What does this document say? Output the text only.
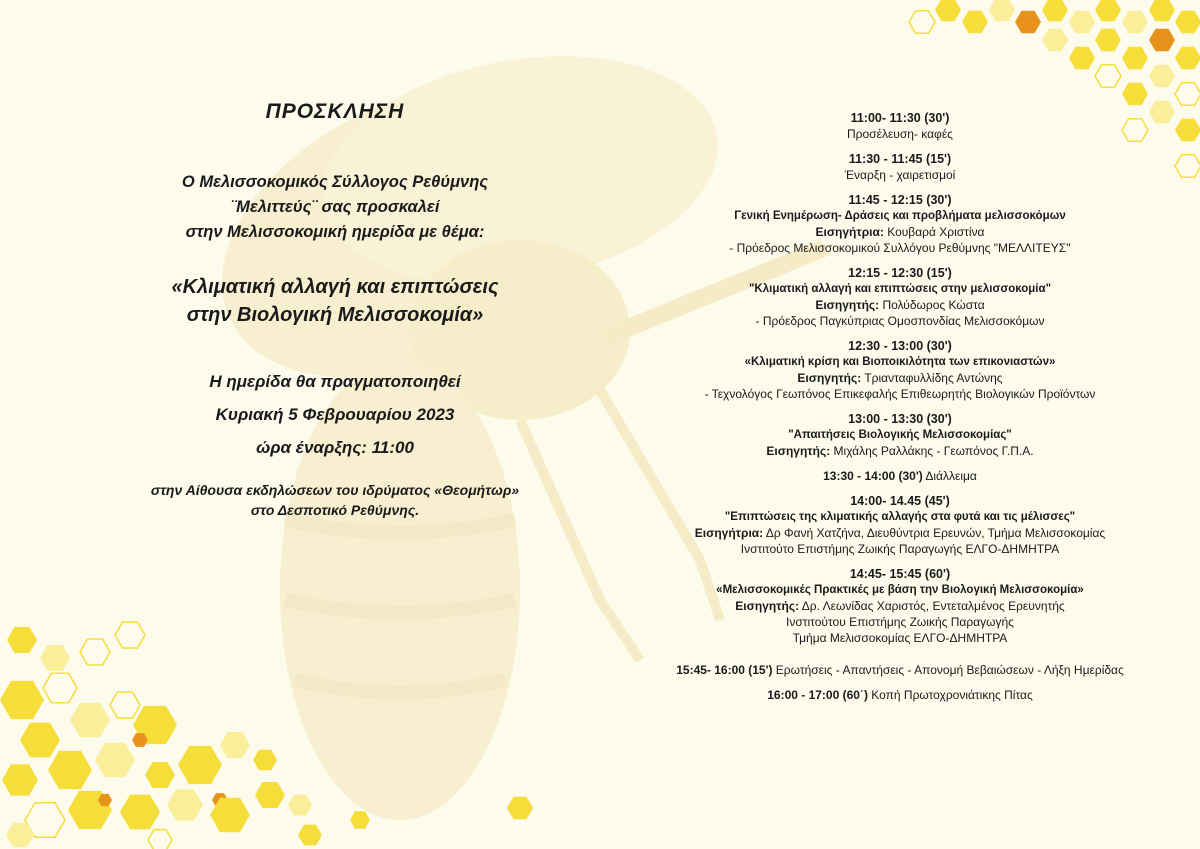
ΠΡΟΣΚΛΗΣΗ
Ο Μελισσοκομικός Σύλλογος Ρεθύμνης
¨Μελιττεύς¨ σας προσκαλεί
στην Μελισσοκομική ημερίδα με θέμα:
«Κλιματική αλλαγή και επιπτώσεις
στην Βιολογική Μελισσοκομία»
Η ημερίδα θα πραγματοποιηθεί
Κυριακή 5 Φεβρουαρίου 2023
ώρα έναρξης: 11:00
στην Αίθουσα εκδηλώσεων του ιδρύματος «Θεομήτωρ»
στο Δεσποτικό Ρεθύμνης.
11:00- 11:30 (30')
Προσέλευση- καφές
11:30 - 11:45 (15')
Έναρξη - χαιρετισμοί
11:45 - 12:15 (30')
Γενική Ενημέρωση- Δράσεις και προβλήματα μελισσοκόμων
Εισηγήτρια: Κουβαρά Χριστίνα
- Πρόεδρος Μελισσοκομικού Συλλόγου Ρεθύμνης "ΜΕΛΛΙΤΕΥΣ''
12:15 - 12:30 (15')
"Κλιματική αλλαγή και επιπτώσεις στην μελισσοκομία"
Εισηγητής: Πολύδωρος Κώστα
- Πρόεδρος Παγκύπριας Ομοσπονδίας Μελισσοκόμων
12:30 - 13:00 (30')
«Κλιματική κρίση και Βιοποικιλότητα των επικονιαστών»
Εισηγητής: Τριανταφυλλίδης Αντώνης
- Τεχνολόγος Γεωπόνος Επικεφαλής Επιθεωρητής Βιολογικών Προϊόντων
13:00 - 13:30 (30')
"Απαιτήσεις Βιολογικής Μελισσοκομίας"
Εισηγητής: Μιχάλης Ραλλάκης - Γεωπόνος Γ.Π.Α.
13:30 - 14:00 (30') Διάλλειμα
14:00- 14.45 (45')
"Επιπτώσεις της κλιματικής αλλαγής στα φυτά και τις μέλισσες"
Εισηγήτρια: Δρ Φανή Χατζήνα, Διευθύντρια Ερευνών, Τμήμα Μελισσοκομίας
Ινστιτούτο Επιστήμης Ζωικής Παραγωγής ΕΛΓΟ-ΔΗΜΗΤΡΑ
14:45- 15:45 (60')
«Μελισσοκομικές Πρακτικές με βάση την Βιολογική Μελισσοκομία»
Εισηγητής: Δρ. Λεωνίδας Χαριστός, Εντεταλμένος Ερευνητής
Ινστιτούτου Επιστήμης Ζωικής Παραγωγής
Τμήμα Μελισσοκομίας ΕΛΓΟ-ΔΗΜΗΤΡΑ
15:45- 16:00 (15') Ερωτήσεις - Απαντήσεις - Απονομή Βεβαιώσεων - Λήξη Ημερίδας
16:00 - 17:00 (60΄) Κοπή Πρωτοχρονιάτικης Πίτας
